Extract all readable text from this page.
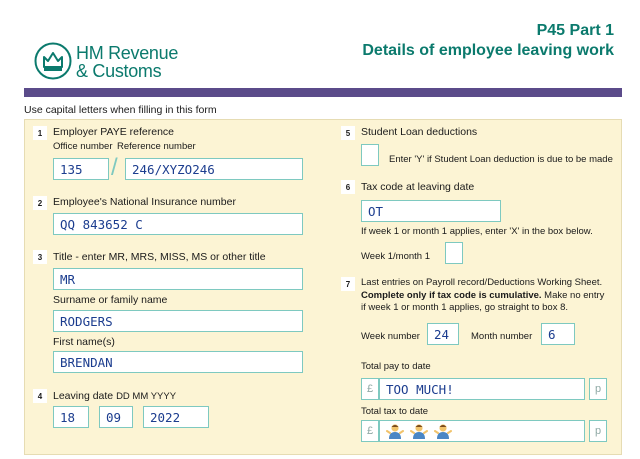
HM Revenue
& Customs
P45 Part 1
Details of employee leaving work
Use capital letters when filling in this form
1	Employer PAYE reference
Office number Reference number
135	/	246/XYZO246
2	Employee's National Insurance number
QQ 843652 C
3	Title - enter MR, MRS, MISS, MS or other title
MR
Surname or family name
RODGERS
First name(s)
BRENDAN
4	Leaving date DD MM YYYY
18	09	2022
5	Student Loan deductions
Enter 'Y' if Student Loan deduction is due to be made
6	Tax code at leaving date
OT
If week 1 or month 1 applies, enter 'X' in the box below.
Week 1/month 1
7	Last entries on Payroll record/Deductions Working Sheet.
Complete only if tax code is cumulative. Make no entry
if week 1 or month 1 applies, go straight to box 8.
Week number	24	Month number	6
Total pay to date
£	TOO MUCH!	p
Total tax to date
£	p
